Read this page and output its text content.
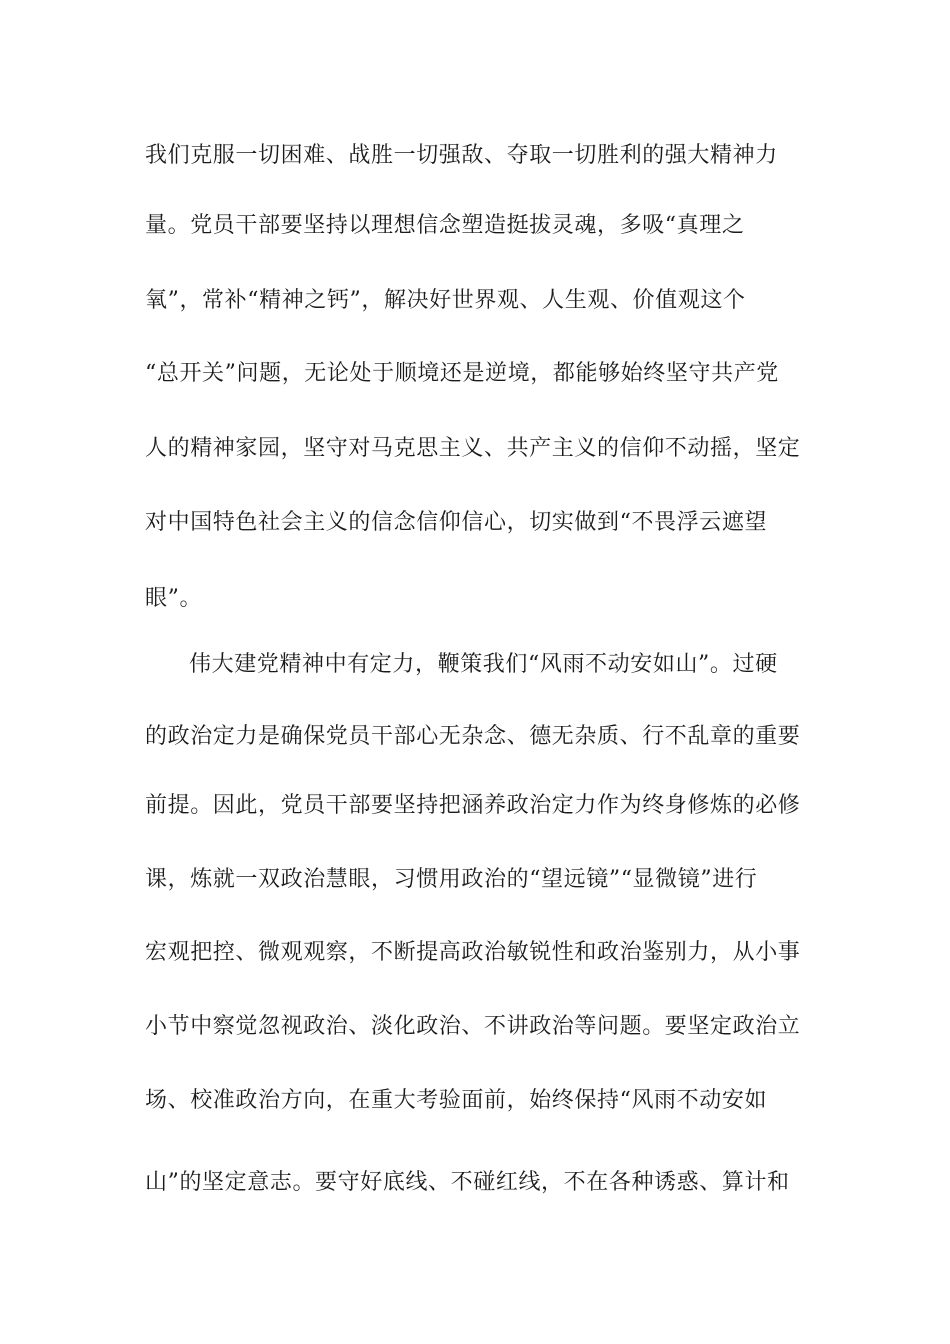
我们克服一切困难、战胜一切强敌、夺取一切胜利的强大精神力
量。党员干部要坚持以理想信念塑造挺拔灵魂，多吸“真理之
氧”，常补“精神之钙”，解决好世界观、人生观、价值观这个
“总开关”问题，无论处于顺境还是逆境，都能够始终坚守共产党
人的精神家园，坚守对马克思主义、共产主义的信仰不动摇，坚定
对中国特色社会主义的信念信仰信心，切实做到“不畏浮云遮望
眼”。
伟大建党精神中有定力，鞭策我们“风雨不动安如山”。过硬
的政治定力是确保党员干部心无杂念、德无杂质、行不乱章的重要
前提。因此，党员干部要坚持把涵养政治定力作为终身修炼的必修
课，炼就一双政治慧眼，习惯用政治的“望远镜”“显微镜”进行
宏观把控、微观观察，不断提高政治敏锐性和政治鉴别力，从小事
小节中察觉忽视政治、淡化政治、不讲政治等问题。要坚定政治立
场、校准政治方向，在重大考验面前，始终保持“风雨不动安如
山”的坚定意志。要守好底线、不碰红线，不在各种诱惑、算计和
